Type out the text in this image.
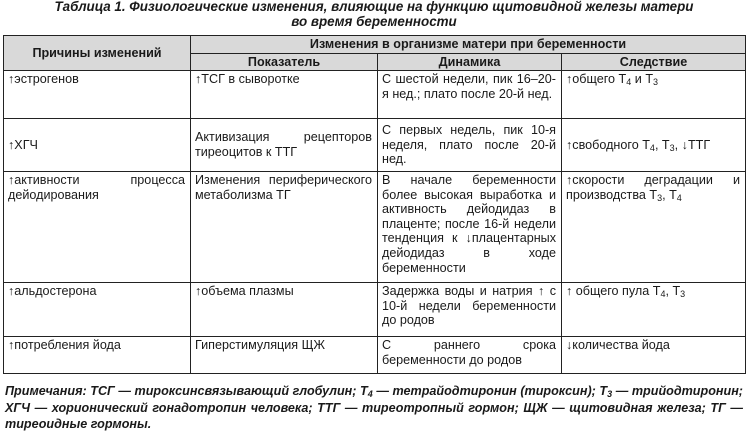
Таблица 1. Физиологические изменения, влияющие на функцию щитовидной железы матери
во время беременности
Причины изменений	Изменения в организме матери при беременности		
	Показатель	Динамика	Следствие
↑эстрогенов	↑ТСГ в сыворотке	С шестой недели, пик 16–20-я нед.; плато после 20-й нед.	↑общего $Т_4$ и $Т_3$
↑ХГЧ	Активизация рецепторов тиреоцитов к ТТГ	С первых недель, пик 10-я неделя, плато после 20-й нед.	↑свободного $Т_4$, $Т_3$, ↓ТТГ
↑активности процесса дейодирования	Изменения периферического метаболизма ТГ	В начале беременности более высокая выработка и активность дейодидаз в плаценте; после 16-й недели тенденция к ↓плацентарных дейодидаз в ходе беременности	↑скорости деградации и производства $Т_3$, $Т_4$
↑альдостерона	↑объема плазмы	Задержка воды и натрия ↑ с 10-й недели беременности до родов	↑ общего пула $Т_4$, $Т_3$
↑потребления йода	Гиперстимуляция ЩЖ	С раннего срока беременности до родов	↓количества йода
Примечания: ТСГ — тироксинсвязывающий глобулин; $Т_4$ — тетрайодтиронин (тироксин); $Т_3$ — трийодтиронин; ХГЧ — хорионический гонадотропин человека; ТТГ — тиреотропный гормон; ЩЖ — щитовидная железа; ТГ — тиреоидные гормоны.
